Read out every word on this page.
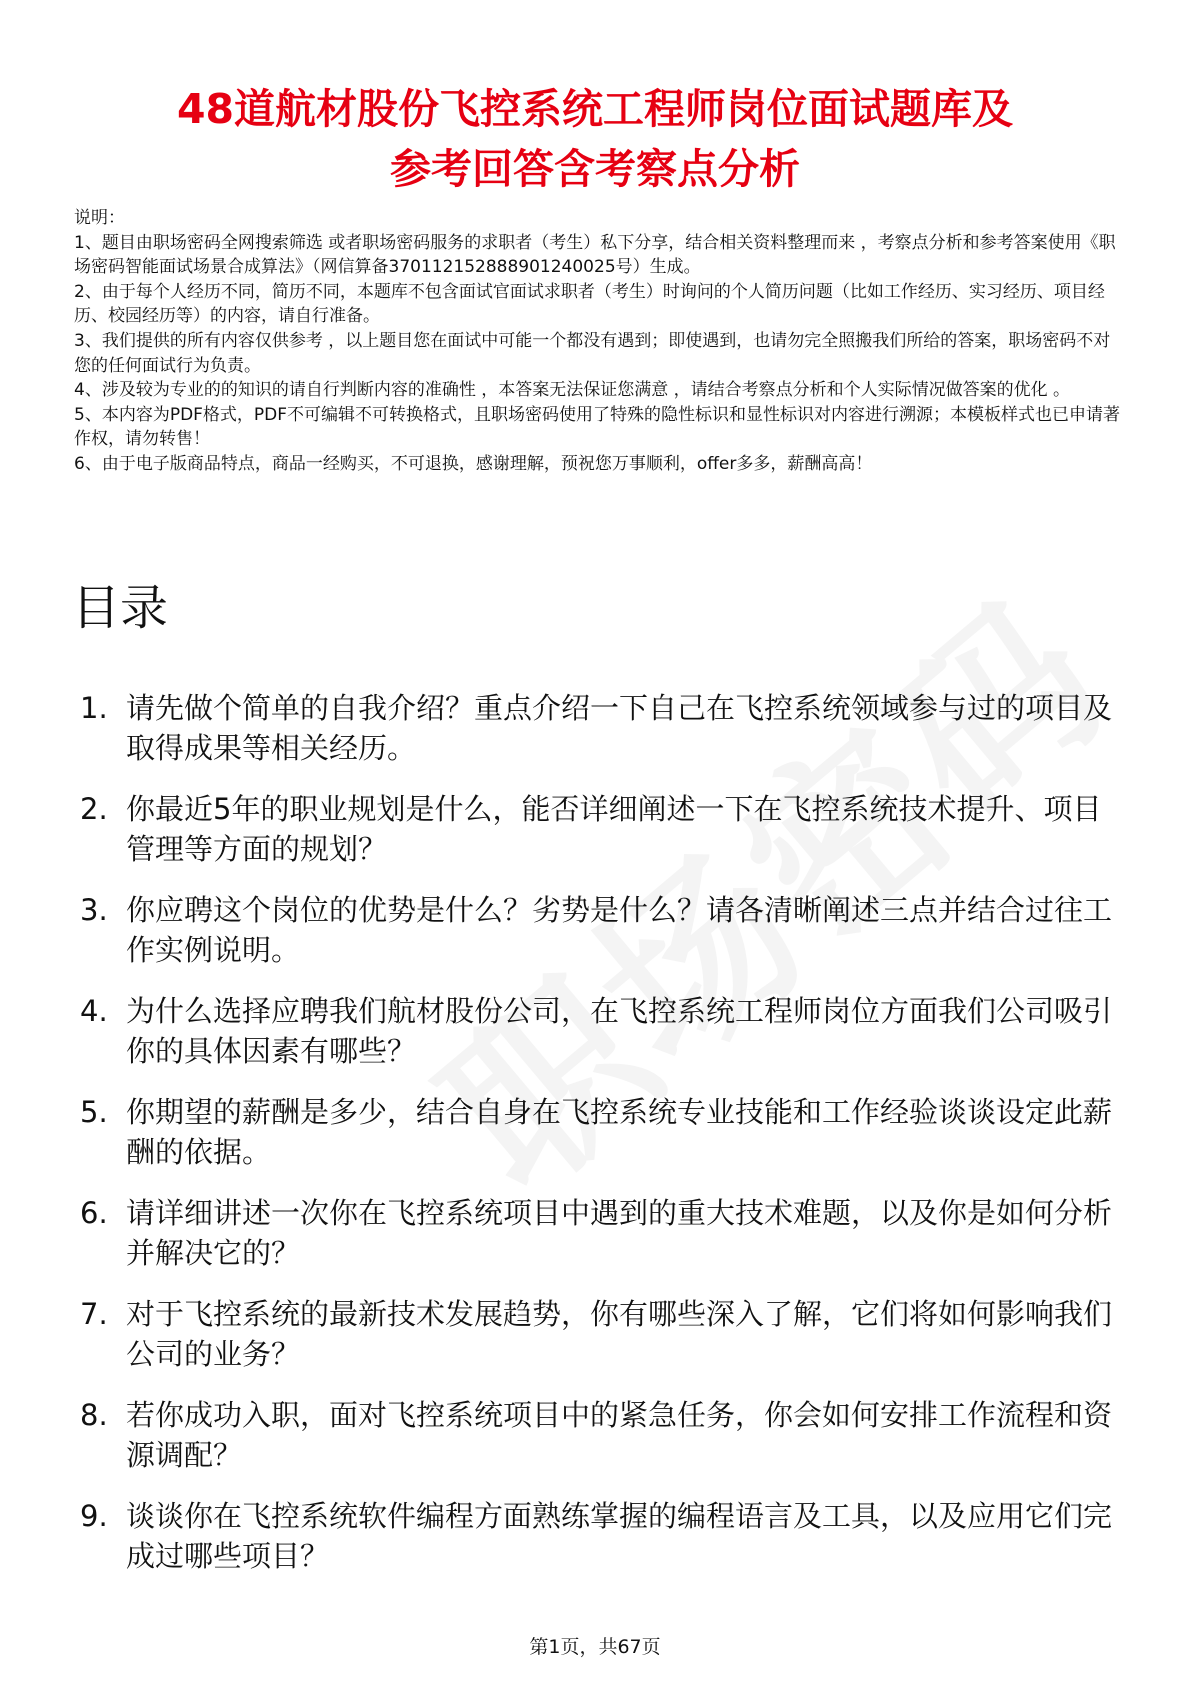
48道航材股份飞控系统工程师岗位面试题库及
参考回答含考察点分析

说明：

1、题目由职场密码全网搜索筛选 或者职场密码服务的求职者（考生）私下分享，结合相关资料整理而来 ，考察点分析和参考答案使用《职场密码智能面试场景合成算法》（网信算备370112152888901240025号）生成。

2、由于每个人经历不同，简历不同，本题库不包含面试官面试求职者（考生）时询问的个人简历问题（比如工作经历、实习经历、项目经历、校园经历等）的内容，请自行准备。

3、我们提供的所有内容仅供参考 ，以上题目您在面试中可能一个都没有遇到；即使遇到，也请勿完全照搬我们所给的答案，职场密码不对您的任何面试行为负责。

4、涉及较为专业的的知识的请自行判断内容的准确性 ，本答案无法保证您满意 ，请结合考察点分析和个人实际情况做答案的优化 。

5、本内容为PDF格式，PDF不可编辑不可转换格式，且职场密码使用了特殊的隐性标识和显性标识对内容进行溯源；本模板样式也已申请著作权，请勿转售！

6、由于电子版商品特点，商品一经购买，不可退换，感谢理解，预祝您万事顺利，offer多多，薪酬高高！

目录
1. 请先做个简单的自我介绍？重点介绍一下自己在飞控系统领域参与过的项目及取得成果等相关经历。
2. 你最近5年的职业规划是什么，能否详细阐述一下在飞控系统技术提升、项目管理等方面的规划？
3. 你应聘这个岗位的优势是什么？劣势是什么？请各清晰阐述三点并结合过往工作实例说明。
4. 为什么选择应聘我们航材股份公司，在飞控系统工程师岗位方面我们公司吸引你的具体因素有哪些？
5. 你期望的薪酬是多少，结合自身在飞控系统专业技能和工作经验谈谈设定此薪酬的依据。
6. 请详细讲述一次你在飞控系统项目中遇到的重大技术难题，以及你是如何分析并解决它的？
7. 对于飞控系统的最新技术发展趋势，你有哪些深入了解，它们将如何影响我们公司的业务？
8. 若你成功入职，面对飞控系统项目中的紧急任务，你会如何安排工作流程和资源调配？
9. 谈谈你在飞控系统软件编程方面熟练掌握的编程语言及工具，以及应用它们完成过哪些项目？
第1页，共67页
